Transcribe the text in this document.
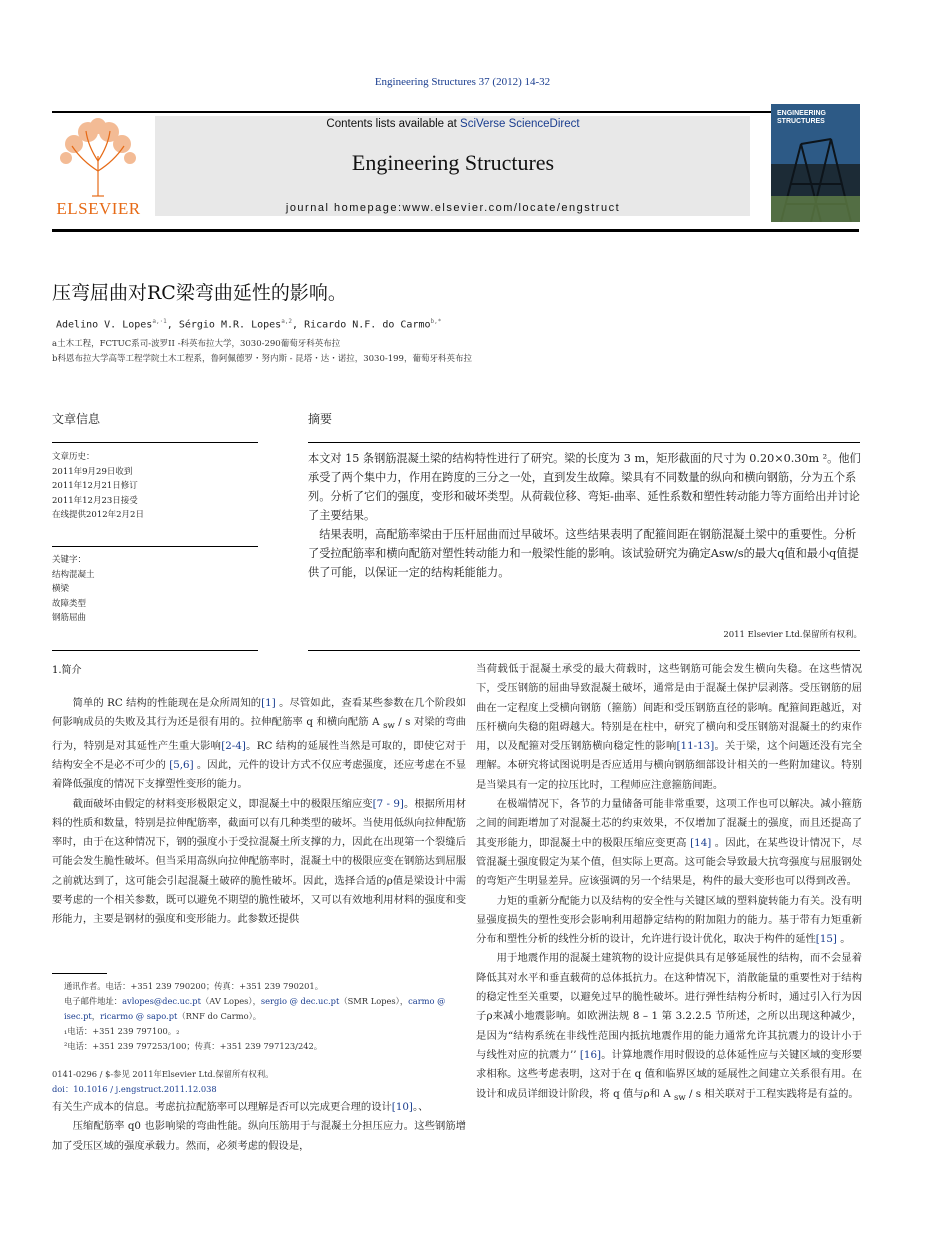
Engineering Structures 37 (2012) 14-32
ELSEVIER
Contents lists available at SciVerse ScienceDirect
Engineering Structures
journal homepage:www.elsevier.com/locate/engstruct
ENGINEERING STRUCTURES
压弯屈曲对RC梁弯曲延性的影响。
Adelino V. Lopes$^{a,\cdot 1}$, Sérgio M.R. Lopes$^{a,2}$, Ricardo N.F. do Carmo$^{b,*}$
a土木工程，FCTUC系司-波罗II -科英布拉大学，3030-290葡萄牙科英布拉
b科恩布拉大学高等工程学院土木工程系，鲁阿佩德罗・努内斯 - 昆塔・达・诺拉，3030-199，葡萄牙科英布拉
文章信息
文章历史：
2011年9月29日收到
2011年12月21日修订
2011年12月23日接受
在线提供2012年2月2日
关键字：
结构混凝土
横梁
故障类型
钢筋屈曲
摘要

本文对 15 条钢筋混凝土梁的结构特性进行了研究。梁的长度为 3 m，矩形截面的尺寸为 0.20×0.30m ²。他们承受了两个集中力，作用在跨度的三分之一处，直到发生故障。梁具有不同数量的纵向和横向钢筋，分为五个系列。分析了它们的强度，变形和破坏类型。从荷载位移、弯矩-曲率、延性系数和塑性转动能力等方面给出并讨论了主要结果。

结果表明，高配筋率梁由于压杆屈曲而过早破坏。这些结果表明了配箍间距在钢筋混凝土梁中的重要性。分析了受拉配筋率和横向配筋对塑性转动能力和一般梁性能的影响。该试验研究为确定Asw/s的最大q值和最小q值提供了可能，以保证一定的结构耗能能力。

2011 Elsevier Ltd.保留所有权利。
1.简介

简单的 RC 结构的性能现在是众所周知的[1] 。尽管如此，查看某些参数在几个阶段如何影响成员的失败及其行为还是很有用的。拉伸配筋率 q 和横向配筋 A $_{sw}$ / s 对梁的弯曲行为，特别是对其延性产生重大影响[2-4]。RC 结构的延展性当然是可取的，即使它对于结构安全不是必不可少的 [5,6] 。因此，元件的设计方式不仅应考虑强度，还应考虑在不显着降低强度的情况下支撑塑性变形的能力。

截面破坏由假定的材料变形极限定义，即混凝土中的极限压缩应变[7 - 9]。根据所用材料的性质和数量，特别是拉伸配筋率，截面可以有几种类型的破坏。当使用低纵向拉伸配筋率时，由于在这种情况下，钢的强度小于受拉混凝土所支撑的力，因此在出现第一个裂缝后可能会发生脆性破坏。但当采用高纵向拉伸配筋率时，混凝土中的极限应变在钢筋达到屈服之前就达到了，这可能会引起混凝土破碎的脆性破坏。因此，选择合适的ρ值是梁设计中需要考虑的一个相关参数，既可以避免不期望的脆性破坏，又可以有效地利用材料的强度和变形能力，主要是钢材的强度和变形能力。此参数还提供

通讯作者。电话：+351 239 790200；传真：+351 239 790201。
电子邮件地址：avlopes@dec.uc.pt（AV Lopes），sergio @ dec.uc.pt（SMR Lopes），carmo @ isec.pt，ricarmo @ sapo.pt（RNF do Carmo）。
₁电话：+351 239 797100。₂
²电话：+351 239 797253/100；传真：+351 239 797123/242。
0141-0296 / $-参见 2011年Elsevier Ltd.保留所有权利。
doi：10.1016 / j.engstruct.2011.12.038

有关生产成本的信息。考虑抗拉配筋率可以理解是否可以完成更合理的设计[10]。、

压缩配筋率 q0 也影响梁的弯曲性能。纵向压筋用于与混凝土分担压应力。这些钢筋增加了受压区域的强度承载力。然而，必须考虑的假设是，

当荷载低于混凝土承受的最大荷载时，这些钢筋可能会发生横向失稳。在这些情况下，受压钢筋的屈曲导致混凝土破坏，通常是由于混凝土保护层剥落。受压钢筋的屈曲在一定程度上受横向钢筋（箍筋）间距和受压钢筋直径的影响。配箍间距越近，对压杆横向失稳的阻碍越大。特别是在柱中，研究了横向和受压钢筋对混凝土的约束作用，以及配箍对受压钢筋横向稳定性的影响[11-13]。关于梁，这个问题还没有完全理解。本研究将试图说明是否应适用与横向钢筋细部设计相关的一些附加建议。特别是当梁具有一定的拉压比时，工程师应注意箍筋间距。

在极端情况下，各节的力量储备可能非常重要，这项工作也可以解决。减小箍筋之间的间距增加了对混凝土芯的约束效果，不仅增加了混凝土的强度，而且还提高了其变形能力，即混凝土中的极限压缩应变更高 [14] 。因此，在某些设计情况下，尽管混凝土强度假定为某个值，但实际上更高。这可能会导致最大抗弯强度与屈服钢处的弯矩产生明显差异。应该强调的另一个结果是，构件的最大变形也可以得到改善。

力矩的重新分配能力以及结构的安全性与关键区域的塑料旋转能力有关。没有明显强度损失的塑性变形会影响利用超静定结构的附加阻力的能力。基于带有力矩重新分布和塑性分析的线性分析的设计，允许进行设计优化，取决于构件的延性[15] 。

用于地震作用的混凝土建筑物的设计应提供具有足够延展性的结构，而不会显着降低其对水平和垂直载荷的总体抵抗力。在这种情况下，消散能量的重要性对于结构的稳定性至关重要，以避免过早的脆性破坏。进行弹性结构分析时，通过引入行为因子ρ来减小地震影响。如欧洲法规 8 – 1 第 3.2.2.5 节所述，之所以出现这种减少，是因为“结构系统在非线性范围内抵抗地震作用的能力通常允许其抗震力的设计小于与线性对应的抗震力’’ [16]。计算地震作用时假设的总体延性应与关键区域的变形要求相称。这些考虑表明，这对于在 q 值和临界区域的延展性之间建立关系很有用。在设计和成员详细设计阶段，将 q 值与ρ和 A $_{sw}$ / s 相关联对于工程实践将是有益的。
